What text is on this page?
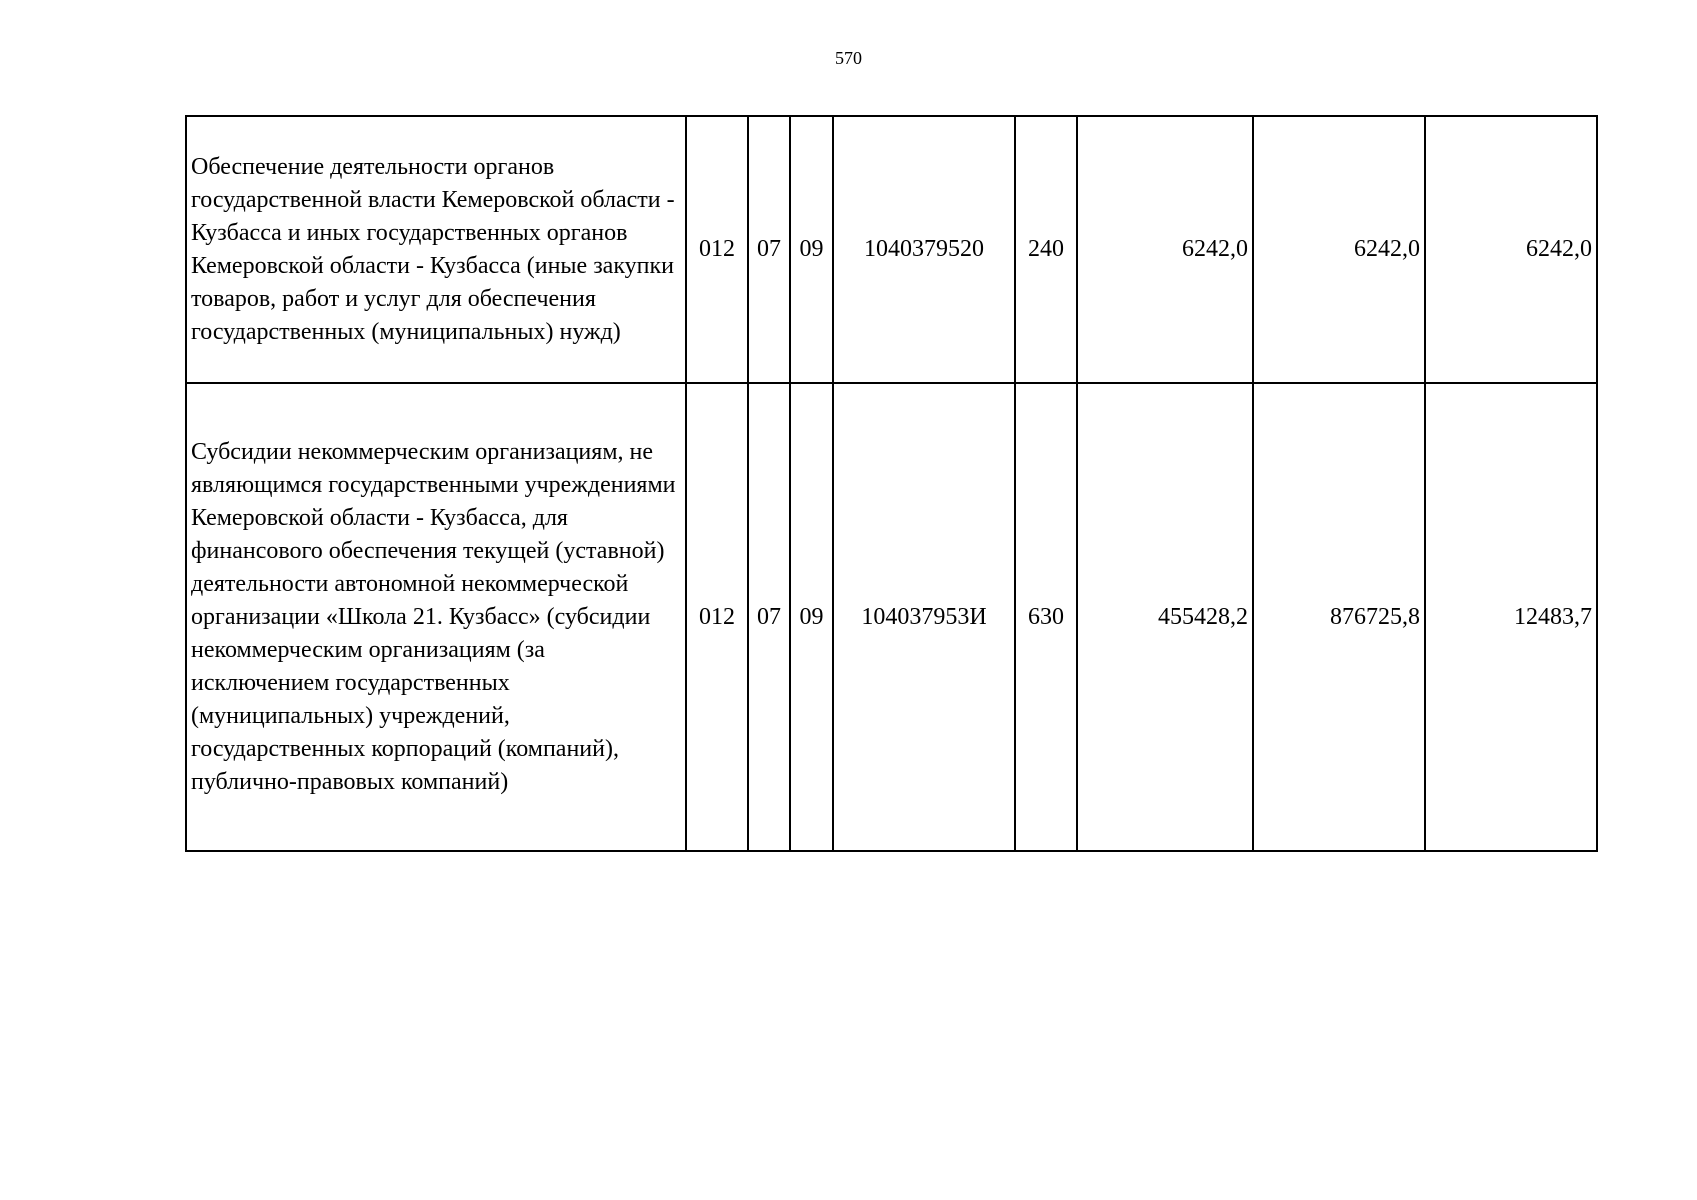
570
Обеспечение деятельности органов государственной власти Кемеровской области - Кузбасса и иных государственных органов Кемеровской области - Кузбасса (иные закупки товаров, работ и услуг для обеспечения государственных (муниципальных) нужд)	012	07	09	1040379520	240	6242,0	6242,0	6242,0
Субсидии некоммерческим организациям, не являющимся государственными учреждениями Кемеровской области - Кузбасса, для финансового обеспечения текущей (уставной) деятельности автономной некоммерческой организации «Школа 21. Кузбасс» (субсидии некоммерческим организациям (за исключением государственных (муниципальных) учреждений, государственных корпораций (компаний), публично-правовых компаний)	012	07	09	104037953И	630	455428,2	876725,8	12483,7
